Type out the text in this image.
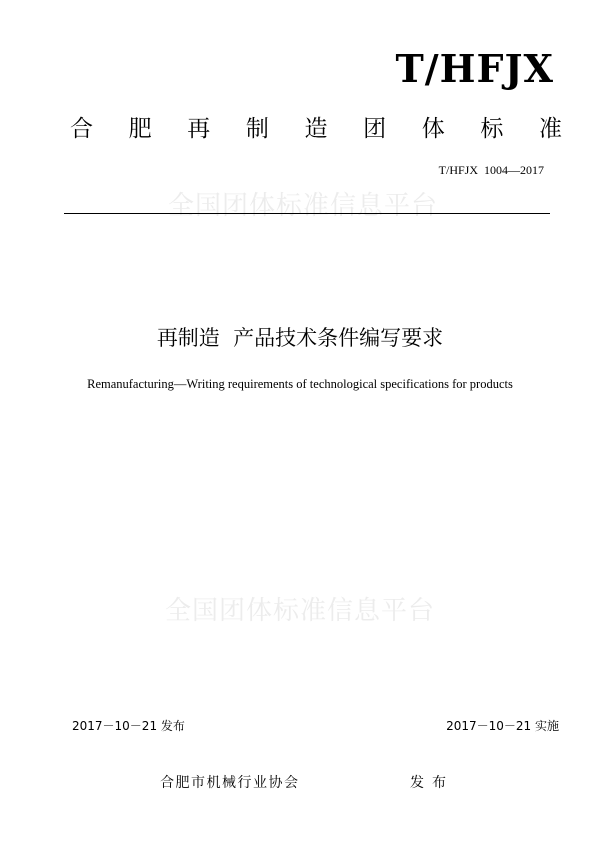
全国团体标准信息平台
全国团体标准信息平台
T/HFJX
合 肥 再 制 造 团 体 标 准
T/HFJX  1004—2017
再制造  产品技术条件编写要求
Remanufacturing—Writing requirements of technological specifications for products
2017－10－21 发布	2017－10－21 实施
合肥市机械行业协会	发布
